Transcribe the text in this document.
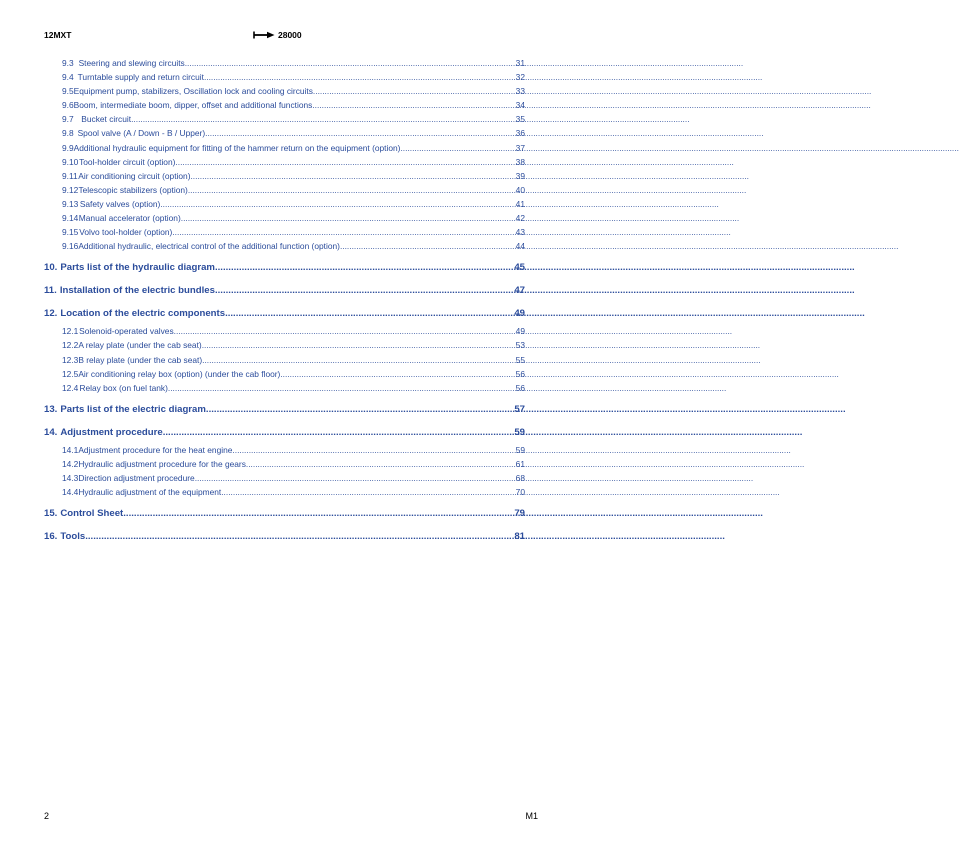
12MXT	28000
9.3 Steering and slewing circuits .....	31
9.4 Turntable supply and return circuit .....	32
9.5 Equipment pump, stabilizers, Oscillation lock and cooling circuits .....	33
9.6 Boom, intermediate boom, dipper, offset and additional functions .....	34
9.7 Bucket circuit .....	35
9.8 Spool valve (A / Down - B / Upper) .....	36
9.9 Additional hydraulic equipment for fitting of the hammer return on the equipment (option) .....	37
9.10 Tool-holder circuit (option) .....	38
9.11 Air conditioning circuit (option) .....	39
9.12 Telescopic stabilizers (option) .....	40
9.13 Safety valves (option) .....	41
9.14 Manual accelerator (option) .....	42
9.15 Volvo tool-holder (option) .....	43
9.16 Additional hydraulic, electrical control of the additional function (option) .....	44
10. Parts list of the hydraulic diagram .....	45
11. Installation of the electric bundles .....	47
12. Location of the electric components .....	49
12.1 Solenoid-operated valves .....	49
12.2 A relay plate (under the cab seat) .....	53
12.3 B relay plate (under the cab seat) .....	55
12.5 Air conditioning relay box (option) (under the cab floor) .....	56
12.4 Relay box (on fuel tank) .....	56
13. Parts list of the electric diagram .....	57
14. Adjustment procedure .....	59
14.1 Adjustment procedure for the heat engine .....	59
14.2 Hydraulic adjustment procedure for the gears .....	61
14.3 Direction adjustment procedure .....	68
14.4 Hydraulic adjustment of the equipment .....	70
15. Control Sheet .....	79
16. Tools .....	81
2	M1
